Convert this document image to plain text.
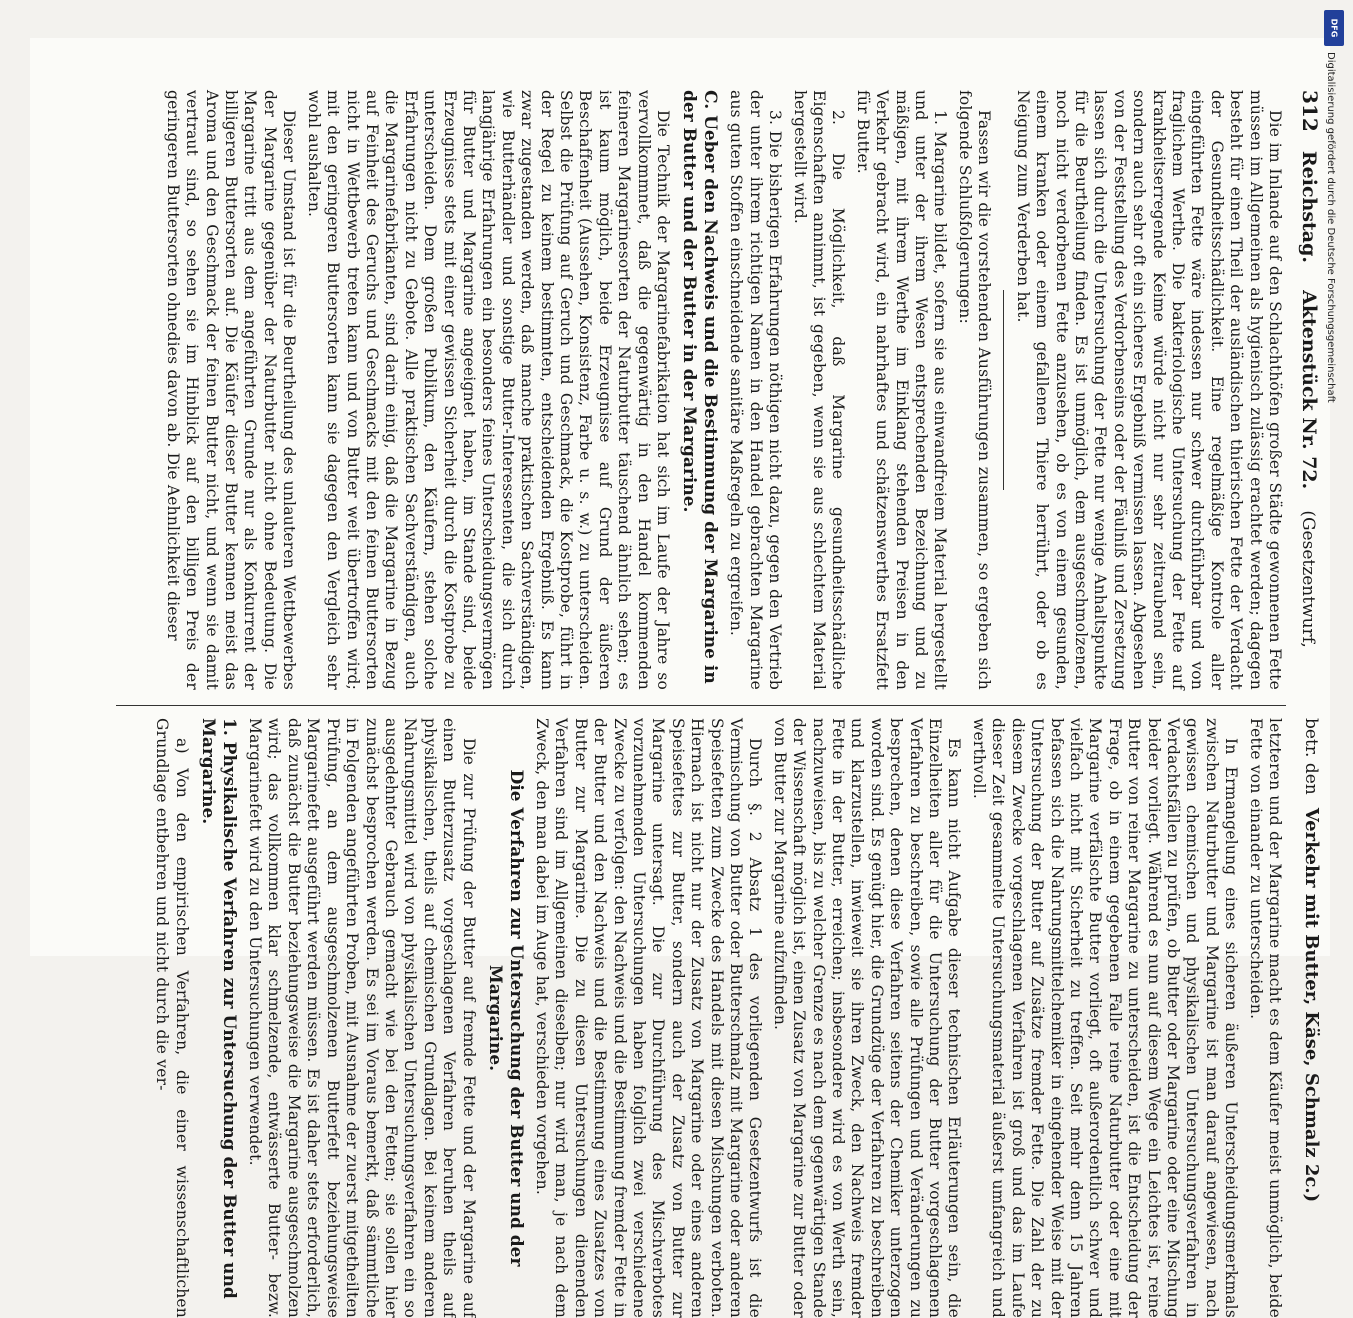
312 Reichstag. Aktenstück Nr. 72. (Gesetzentwurf,
betr. den Verkehr mit Butter, Käse, Schmalz 2c.)

Die im Inlande auf den Schlachthöfen großer Städte gewonnenen Fette müssen im Allgemeinen als hygienisch zulässig erachtet werden; dagegen besteht für einen Theil der ausländischen thierischen Fette der Verdacht der Gesundheitsschädlichkeit. Eine regelmäßige Kontrole aller eingeführten Fette wäre indessen nur schwer durchführbar und von fraglichem Werthe. Die bakteriologische Untersuchung der Fette auf krankheitserregende Keime würde nicht nur sehr zeitraubend sein, sondern auch sehr oft ein sicheres Ergebniß vermissen lassen. Abgesehen von der Feststellung des Verdorbenseins oder der Fäulniß und Zersetzung lassen sich durch die Untersuchung der Fette nur wenige Anhaltspunkte für die Beurtheilung finden. Es ist unmöglich, dem ausgeschmolzenen, noch nicht verdorbenen Fette anzusehen, ob es von einem gesunden, einem kranken oder einem gefallenen Thiere herrührt, oder ob es Neigung zum Verderben hat.

Fassen wir die vorstehenden Ausführungen zusammen, so ergeben sich folgende Schlußfolgerungen:

1. Margarine bildet, sofern sie aus einwandfreiem Material hergestellt und unter der ihrem Wesen entsprechenden Bezeichnung und zu mäßigen, mit ihrem Werthe im Einklang stehenden Preisen in den Verkehr gebracht wird, ein nahrhaftes und schätzenswerthes Ersatzfett für Butter.

2. Die Möglichkeit, daß Margarine gesundheitsschädliche Eigenschaften annimmt, ist gegeben, wenn sie aus schlechtem Material hergestellt wird.

3. Die bisherigen Erfahrungen nöthigen nicht dazu, gegen den Vertrieb der unter ihrem richtigen Namen in den Handel gebrachten Margarine aus guten Stoffen einschneidende sanitäre Maßregeln zu ergreifen.

C. Ueber den Nachweis und die Bestimmung der Margarine in der Butter und der Butter in der Margarine.

Die Technik der Margarinefabrikation hat sich im Laufe der Jahre so vervollkommnet, daß die gegenwärtig in den Handel kommenden feineren Margarinesorten der Naturbutter täuschend ähnlich sehen; es ist kaum möglich, beide Erzeugnisse auf Grund der äußeren Beschaffenheit (Aussehen, Konsistenz, Farbe u. s. w.) zu unterscheiden. Selbst die Prüfung auf Geruch und Geschmack, die Kostprobe, führt in der Regel zu keinem bestimmten, entscheidenden Ergebniß. Es kann zwar zugestanden werden, daß manche praktischen Sachverständigen, wie Butterhändler und sonstige Butter-Interessenten, die sich durch langjährige Erfahrungen ein besonders feines Unterscheidungsvermögen für Butter und Margarine angeeignet haben, im Stande sind, beide Erzeugnisse stets mit einer gewissen Sicherheit durch die Kostprobe zu unterscheiden. Dem großen Publikum, den Käufern, stehen solche Erfahrungen nicht zu Gebote. Alle praktischen Sachverständigen, auch die Margarinefabrikanten, sind darin einig, daß die Margarine in Bezug auf Feinheit des Geruchs und Geschmacks mit den feinen Buttersorten nicht in Wettbewerb treten kann und von Butter weit übertroffen wird; mit den geringeren Buttersorten kann sie dagegen den Vergleich sehr wohl aushalten.

Dieser Umstand ist für die Beurtheilung des unlauteren Wettbewerbes der Margarine gegenüber der Naturbutter nicht ohne Bedeutung. Die Margarine tritt aus dem angeführten Grunde nur als Konkurrent der billigeren Buttersorten auf. Die Käufer dieser Butter kennen meist das Aroma und den Geschmack der feinen Butter nicht, und wenn sie damit vertraut sind, so sehen sie im Hinblick auf den billigen Preis der geringeren Buttersorten ohnedies davon ab. Die Aehnlichkeit dieser

letzteren und der Margarine macht es dem Käufer meist unmöglich, beide Fette von einander zu unterscheiden.

In Ermangelung eines sicheren äußeren Unterscheidungsmerkmals zwischen Naturbutter und Margarine ist man darauf angewiesen, nach gewissen chemischen und physikalischen Untersuchungsverfahren in Verdachtsfällen zu prüfen, ob Butter oder Margarine oder eine Mischung beider vorliegt. Während es nun auf diesem Wege ein Leichtes ist, reine Butter von reiner Margarine zu unterscheiden, ist die Entscheidung der Frage, ob in einem gegebenen Falle reine Naturbutter oder eine mit Margarine verfälschte Butter vorliegt, oft außerordentlich schwer und vielfach nicht mit Sicherheit zu treffen. Seit mehr denn 15 Jahren befassen sich die Nahrungsmittelchemiker in eingehender Weise mit der Untersuchung der Butter auf Zusätze fremder Fette. Die Zahl der zu diesem Zwecke vorgeschlagenen Verfahren ist groß und das im Laufe dieser Zeit gesammelte Untersuchungsmaterial äußerst umfangreich und werthvoll.

Es kann nicht Aufgabe dieser technischen Erläuterungen sein, die Einzelheiten aller für die Untersuchung der Butter vorgeschlagenen Verfahren zu beschreiben, sowie alle Prüfungen und Veränderungen zu besprechen, denen diese Verfahren seitens der Chemiker unterzogen worden sind. Es genügt hier, die Grundzüge der Verfahren zu beschreiben und klarzustellen, inwieweit sie ihren Zweck, den Nachweis fremder Fette in der Butter, erreichen; insbesondere wird es von Werth sein, nachzuweisen, bis zu welcher Grenze es nach dem gegenwärtigen Stande der Wissenschaft möglich ist, einen Zusatz von Margarine zur Butter oder von Butter zur Margarine aufzufinden.

Durch §. 2 Absatz 1 des vorliegenden Gesetzentwurfs ist die Vermischung von Butter oder Butterschmalz mit Margarine oder anderen Speisefetten zum Zwecke des Handels mit diesen Mischungen verboten. Hiernach ist nicht nur der Zusatz von Margarine oder eines anderen Speisefettes zur Butter, sondern auch der Zusatz von Butter zur Margarine untersagt. Die zur Durchführung des Mischverbotes vorzunehmenden Untersuchungen haben folglich zwei verschiedene Zwecke zu verfolgen: den Nachweis und die Bestimmung fremder Fette in der Butter und den Nachweis und die Bestimmung eines Zusatzes von Butter zur Margarine. Die zu diesen Untersuchungen dienenden Verfahren sind im Allgemeinen dieselben; nur wird man, je nach dem Zweck, den man dabei im Auge hat, verschieden vorgehen.

Die Verfahren zur Untersuchung der Butter und der Margarine.

Die zur Prüfung der Butter auf fremde Fette und der Margarine auf einen Butterzusatz vorgeschlagenen Verfahren beruhen theils auf physikalischen, theils auf chemischen Grundlagen. Bei keinem anderen Nahrungsmittel wird von physikalischen Untersuchungsverfahren ein so ausgedehnter Gebrauch gemacht wie bei den Fetten; sie sollen hier zunächst besprochen werden. Es sei im Voraus bemerkt, daß sämmtliche in Folgenden angeführten Proben, mit Ausnahme der zuerst mitgetheilten Prüfung, an dem ausgeschmolzenen Butterfett beziehungsweise Margarinefett ausgeführt werden müssen. Es ist daher stets erforderlich, daß zunächst die Butter beziehungsweise die Margarine ausgeschmolzen wird; das vollkommen klar schmelzende, entwässerte Butter- bezw. Margarinefett wird zu den Untersuchungen verwendet.

1. Physikalische Verfahren zur Untersuchung der Butter und Margarine.

a) Von den empirischen Verfahren, die einer wissenschaftlichen Grundlage entbehren und nicht durch die ver-

DFG
Digitalisierung gefördert durch die Deutsche Forschungsgemeinschaft
